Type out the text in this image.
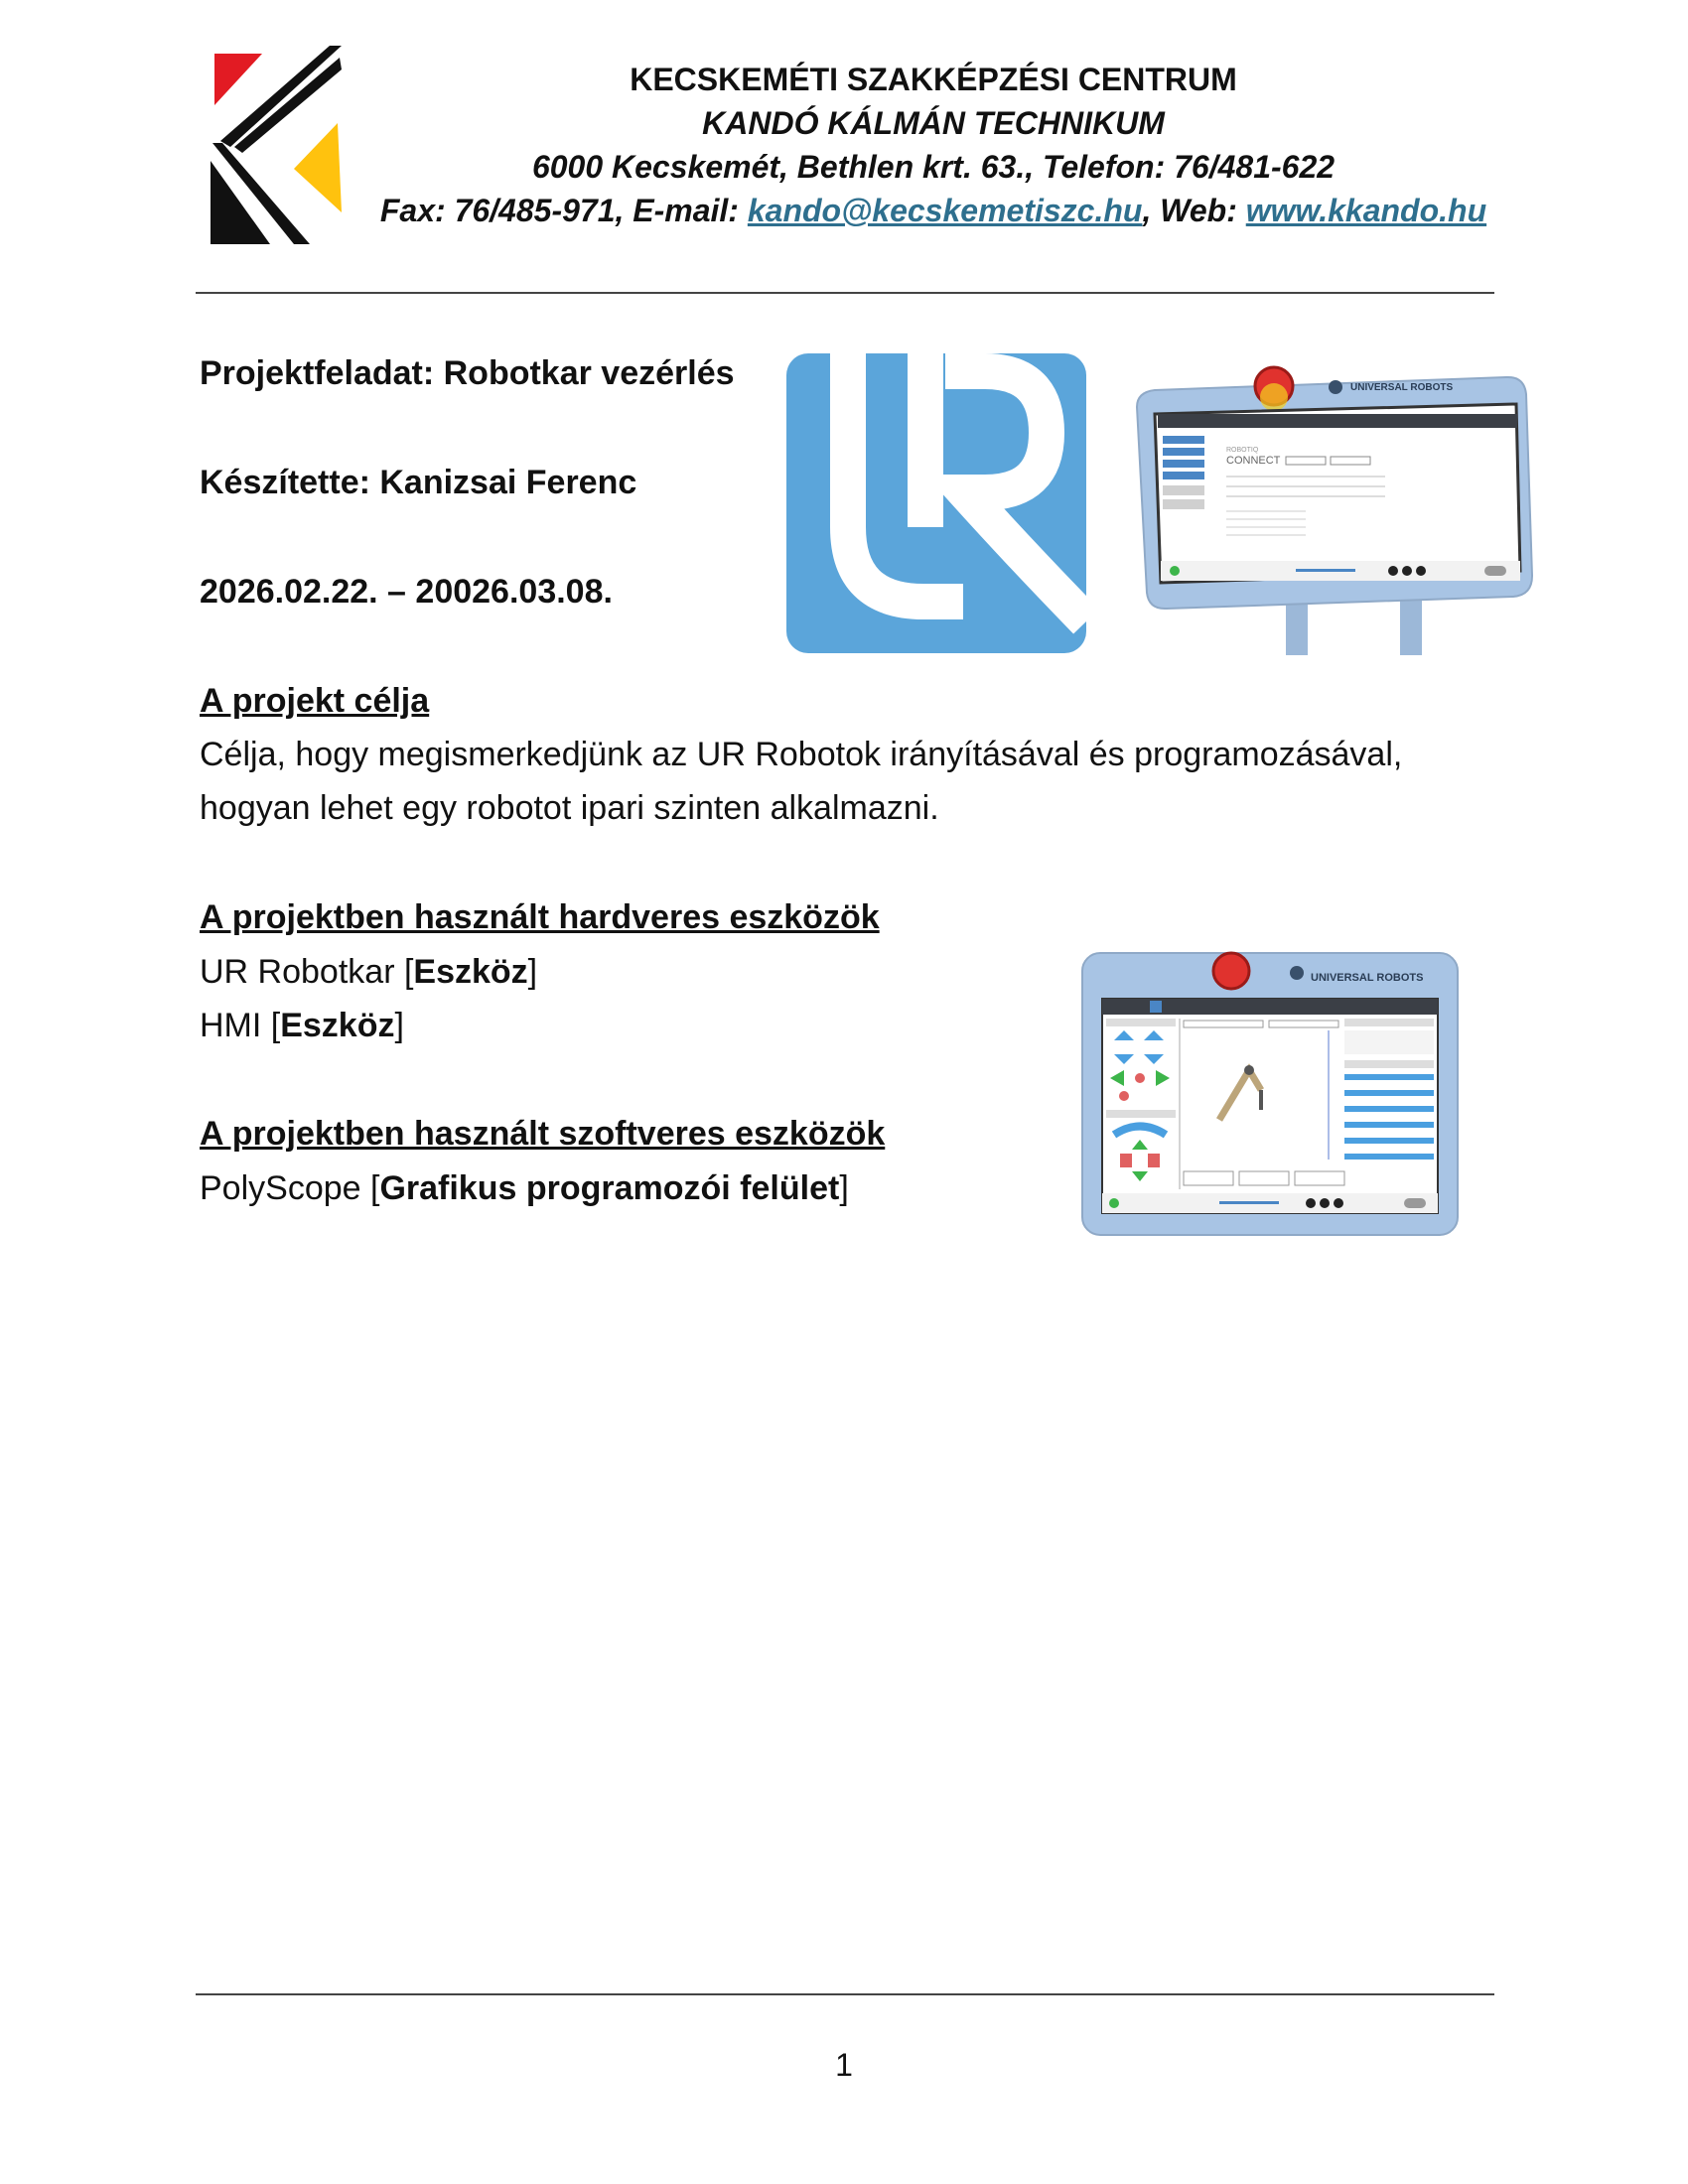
KECSKEMÉTI SZAKKÉPZÉSI CENTRUM
KANDÓ KÁLMÁN TECHNIKUM
6000 Kecskemét, Bethlen krt. 63., Telefon: 76/481-622
Fax: 76/485-971, E-mail: kando@kecskemetiszc.hu, Web: www.kkando.hu
Projektfeladat: Robotkar vezérlés
Készítette: Kanizsai Ferenc
2026.02.22. – 20026.03.08.
UNIVERSAL ROBOTS
ROBOTIQ
CONNECT
A projekt célja
Célja, hogy megismerkedjünk az UR Robotok irányításával és programozásával,
hogyan lehet egy robotot ipari szinten alkalmazni.
A projektben használt hardveres eszközök
UR Robotkar [Eszköz]
HMI [Eszköz]
UNIVERSAL ROBOTS
A projektben használt szoftveres eszközök
PolyScope [Grafikus programozói felület]
1
